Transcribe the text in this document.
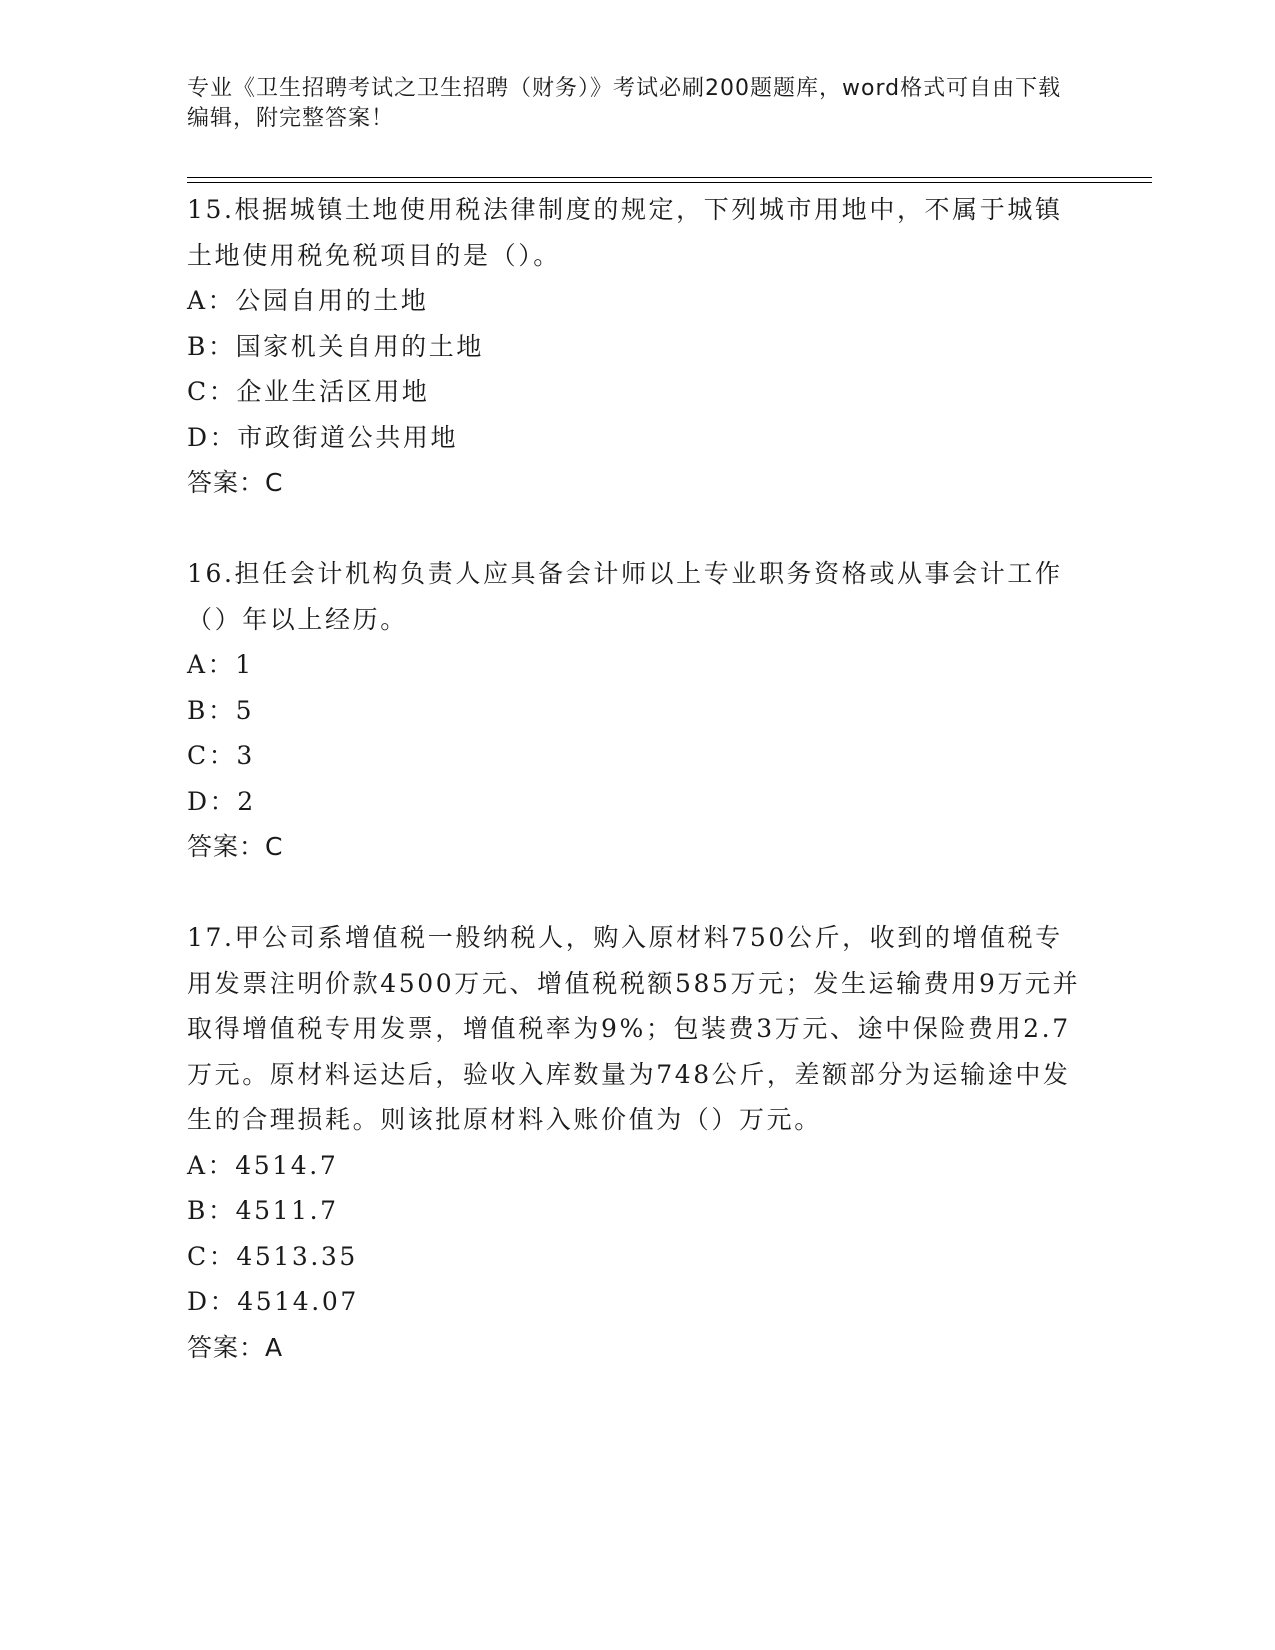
专业《卫生招聘考试之卫生招聘（财务）》考试必刷200题题库，word格式可自由下载编辑，附完整答案！

15.根据城镇土地使用税法律制度的规定，下列城市用地中，不属于城镇土地使用税免税项目的是（）。

A：公园自用的土地

B：国家机关自用的土地

C：企业生活区用地

D：市政街道公共用地

答案：C

16.担任会计机构负责人应具备会计师以上专业职务资格或从事会计工作（）年以上经历。

A：1

B：5

C：3

D：2

答案：C

17.甲公司系增值税一般纳税人，购入原材料750公斤，收到的增值税专用发票注明价款4500万元、增值税税额585万元；发生运输费用9万元并取得增值税专用发票，增值税率为9%；包装费3万元、途中保险费用2.7万元。原材料运达后，验收入库数量为748公斤，差额部分为运输途中发生的合理损耗。则该批原材料入账价值为（）万元。

A：4514.7

B：4511.7

C：4513.35

D：4514.07

答案：A
